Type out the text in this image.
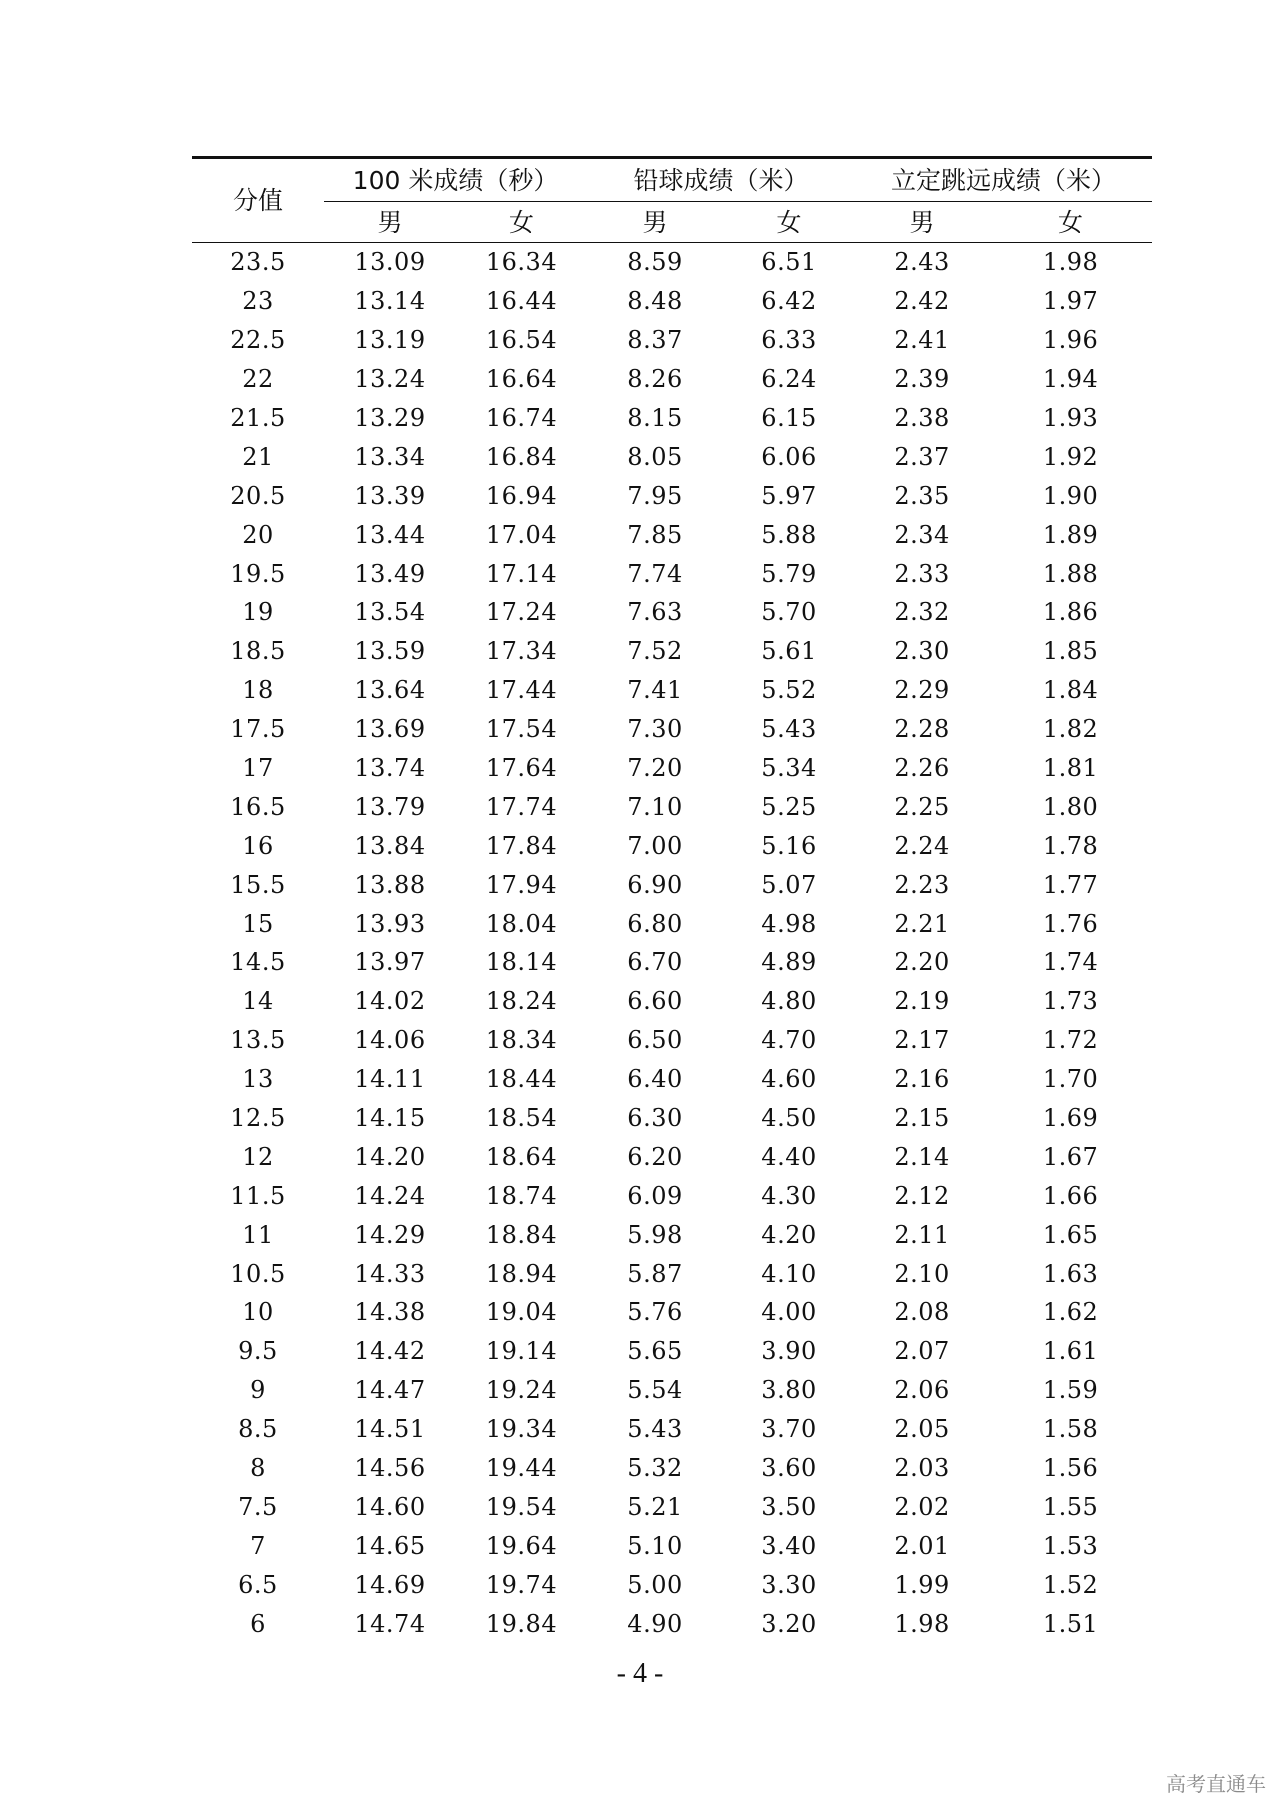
分值	100 米成绩（秒）		铅球成绩（米）		立定跳远成绩（米）	
	男	女	男	女	男	女
23.5	13.09	16.34	8.59	6.51	2.43	1.98
23	13.14	16.44	8.48	6.42	2.42	1.97
22.5	13.19	16.54	8.37	6.33	2.41	1.96
22	13.24	16.64	8.26	6.24	2.39	1.94
21.5	13.29	16.74	8.15	6.15	2.38	1.93
21	13.34	16.84	8.05	6.06	2.37	1.92
20.5	13.39	16.94	7.95	5.97	2.35	1.90
20	13.44	17.04	7.85	5.88	2.34	1.89
19.5	13.49	17.14	7.74	5.79	2.33	1.88
19	13.54	17.24	7.63	5.70	2.32	1.86
18.5	13.59	17.34	7.52	5.61	2.30	1.85
18	13.64	17.44	7.41	5.52	2.29	1.84
17.5	13.69	17.54	7.30	5.43	2.28	1.82
17	13.74	17.64	7.20	5.34	2.26	1.81
16.5	13.79	17.74	7.10	5.25	2.25	1.80
16	13.84	17.84	7.00	5.16	2.24	1.78
15.5	13.88	17.94	6.90	5.07	2.23	1.77
15	13.93	18.04	6.80	4.98	2.21	1.76
14.5	13.97	18.14	6.70	4.89	2.20	1.74
14	14.02	18.24	6.60	4.80	2.19	1.73
13.5	14.06	18.34	6.50	4.70	2.17	1.72
13	14.11	18.44	6.40	4.60	2.16	1.70
12.5	14.15	18.54	6.30	4.50	2.15	1.69
12	14.20	18.64	6.20	4.40	2.14	1.67
11.5	14.24	18.74	6.09	4.30	2.12	1.66
11	14.29	18.84	5.98	4.20	2.11	1.65
10.5	14.33	18.94	5.87	4.10	2.10	1.63
10	14.38	19.04	5.76	4.00	2.08	1.62
9.5	14.42	19.14	5.65	3.90	2.07	1.61
9	14.47	19.24	5.54	3.80	2.06	1.59
8.5	14.51	19.34	5.43	3.70	2.05	1.58
8	14.56	19.44	5.32	3.60	2.03	1.56
7.5	14.60	19.54	5.21	3.50	2.02	1.55
7	14.65	19.64	5.10	3.40	2.01	1.53
6.5	14.69	19.74	5.00	3.30	1.99	1.52
6	14.74	19.84	4.90	3.20	1.98	1.51
- 4 -
高考直通车
